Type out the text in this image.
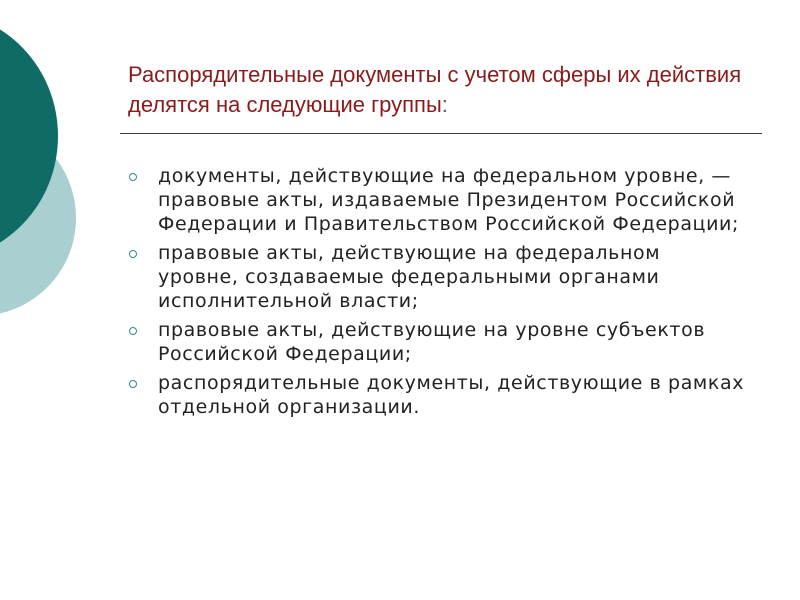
Распорядительные документы с учетом сферы их действия делятся на следующие группы:
документы, действующие на федеральном уровне, — правовые акты, издаваемые Президентом Российской Федерации и Правительством Российской Федерации;
правовые акты, действующие на федеральном уровне, создаваемые федеральными органами исполнительной власти;
правовые акты, действующие на уровне субъектов Российской Федерации;
распорядительные документы, действующие в рамках отдельной организации.
